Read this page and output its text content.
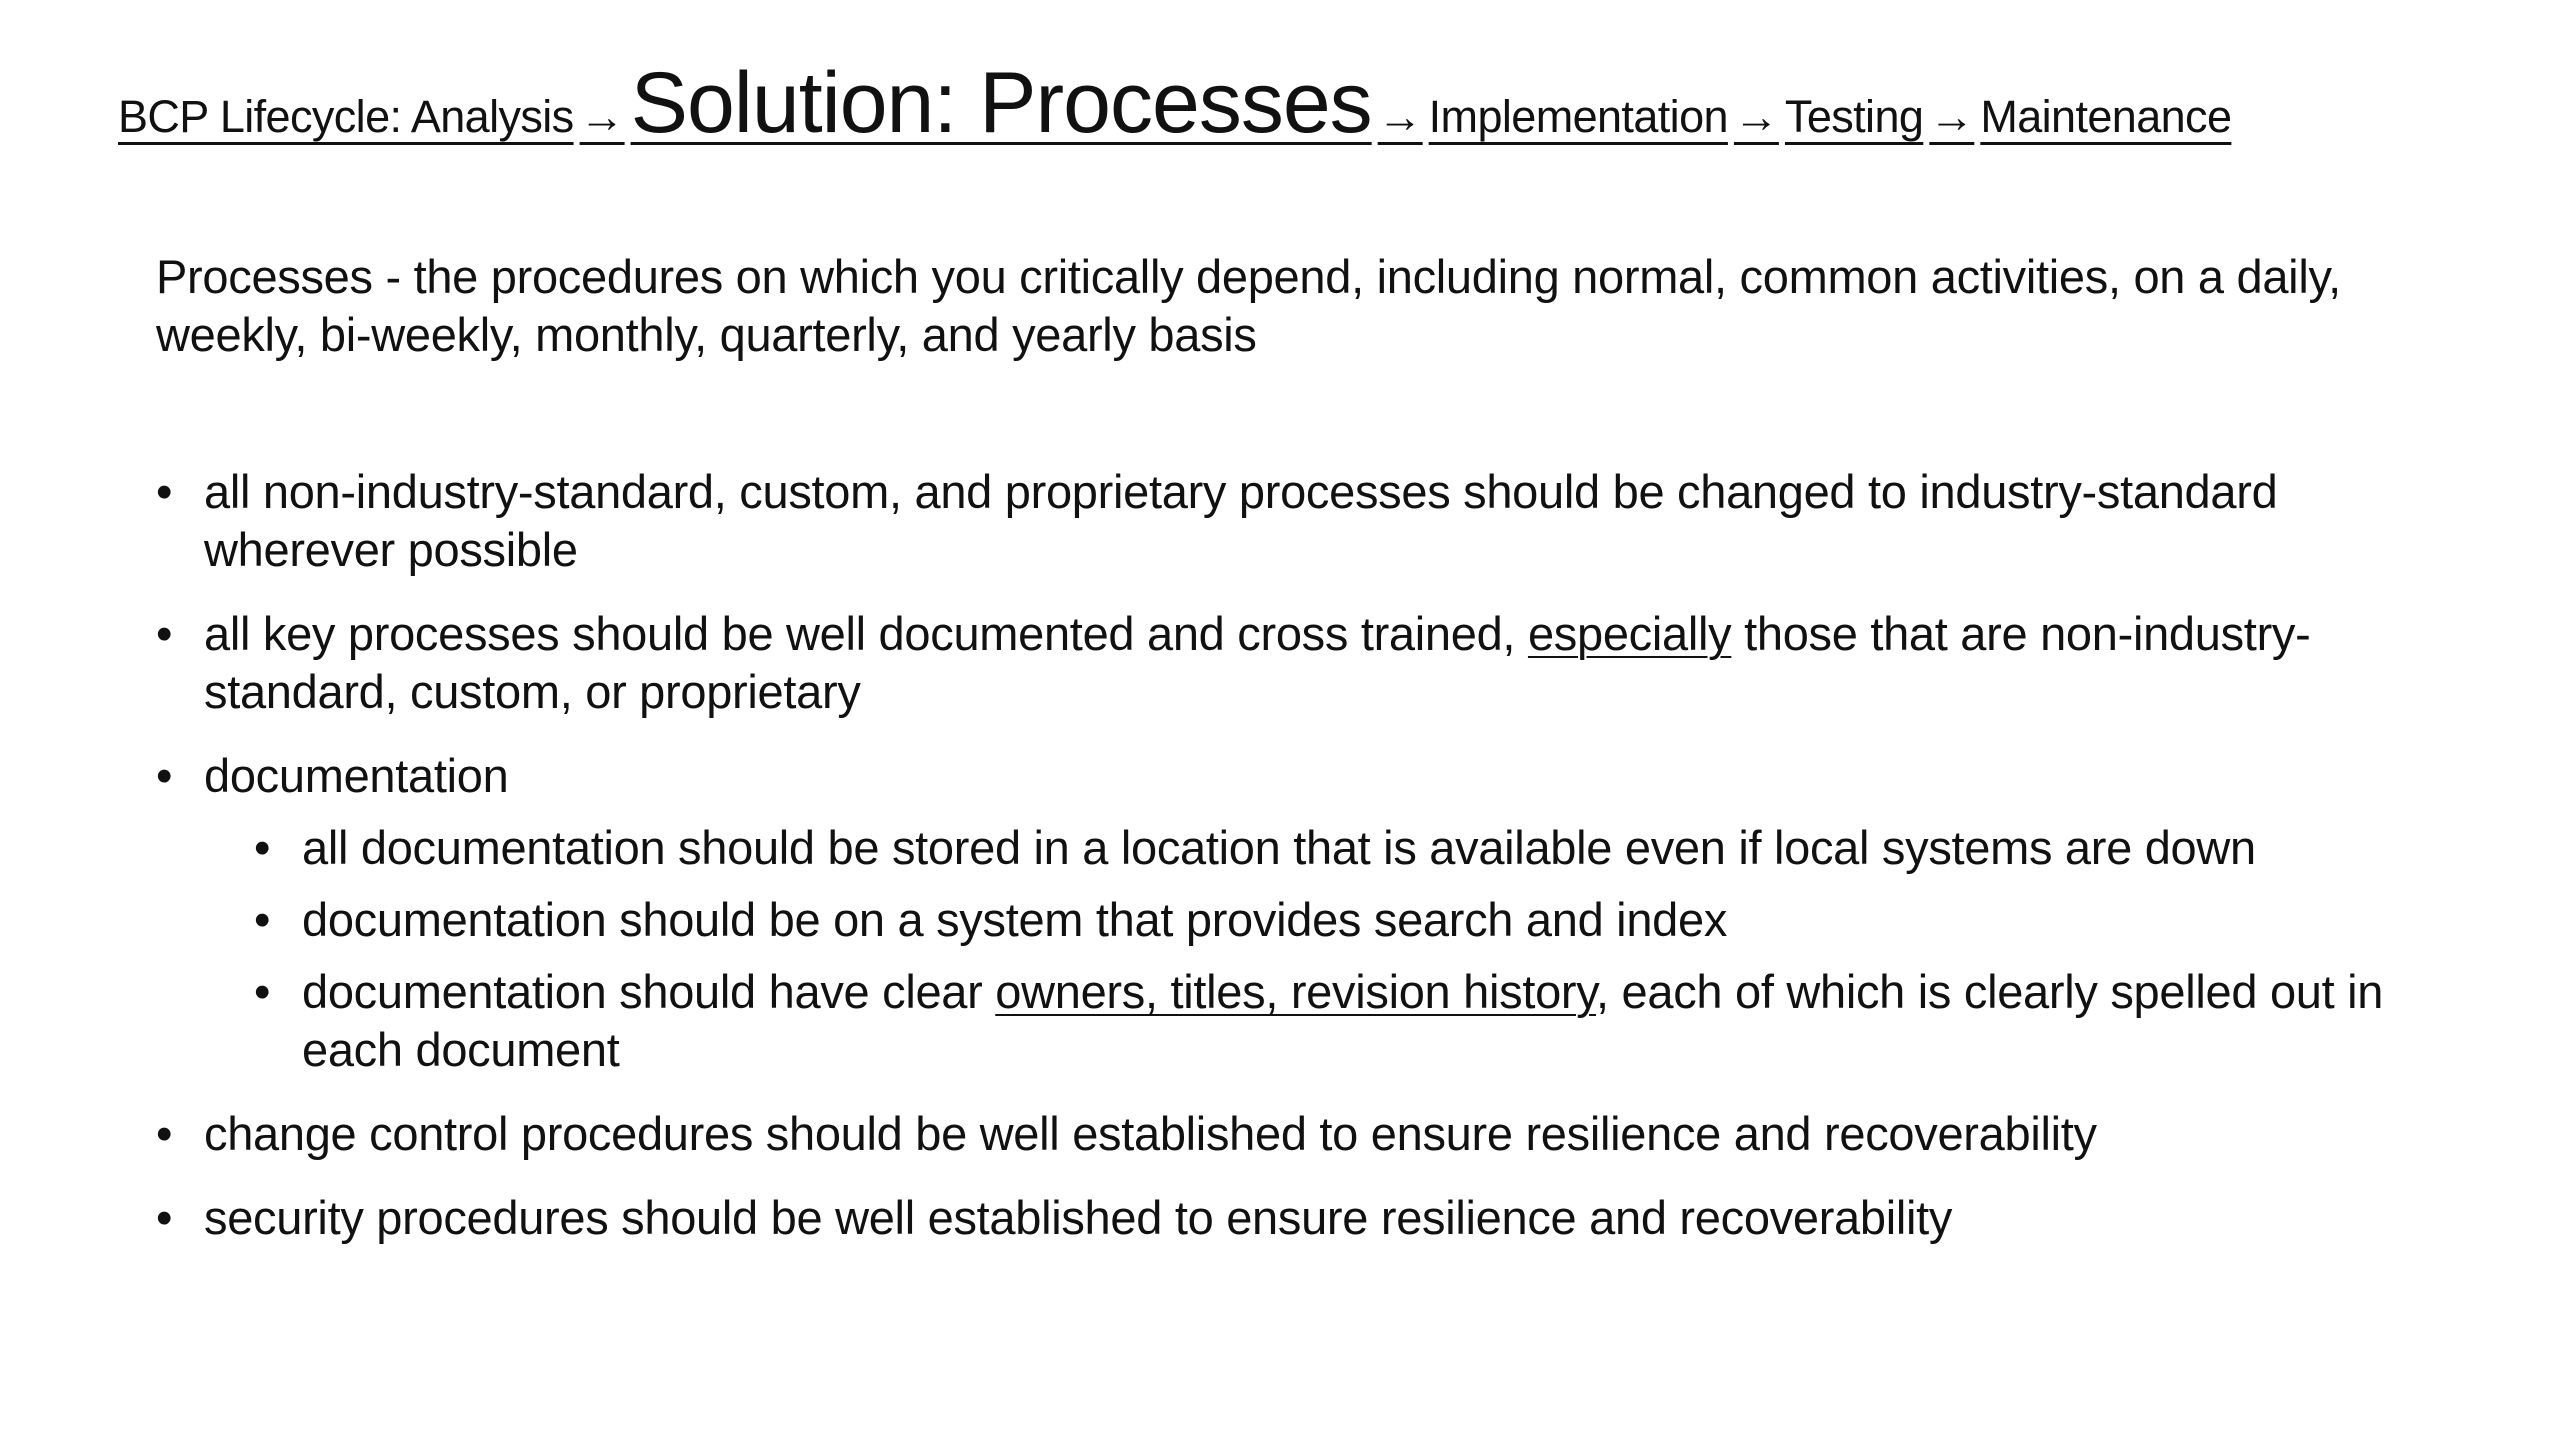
BCP Lifecycle: Analysis →Solution: Processes → Implementation → Testing → Maintenance
Processes - the procedures on which you critically depend, including normal, common activities, on a daily, weekly, bi-weekly, monthly, quarterly, and yearly basis
• all non-industry-standard, custom, and proprietary processes should be changed to industry-standard wherever possible
• all key processes should be well documented and cross trained, especially those that are non-industry-standard, custom, or proprietary
• documentation
• all documentation should be stored in a location that is available even if local systems are down
• documentation should be on a system that provides search and index
• documentation should have clear owners, titles, revision history, each of which is clearly spelled out in each document
• change control procedures should be well established to ensure resilience and recoverability
• security procedures should be well established to ensure resilience and recoverability
